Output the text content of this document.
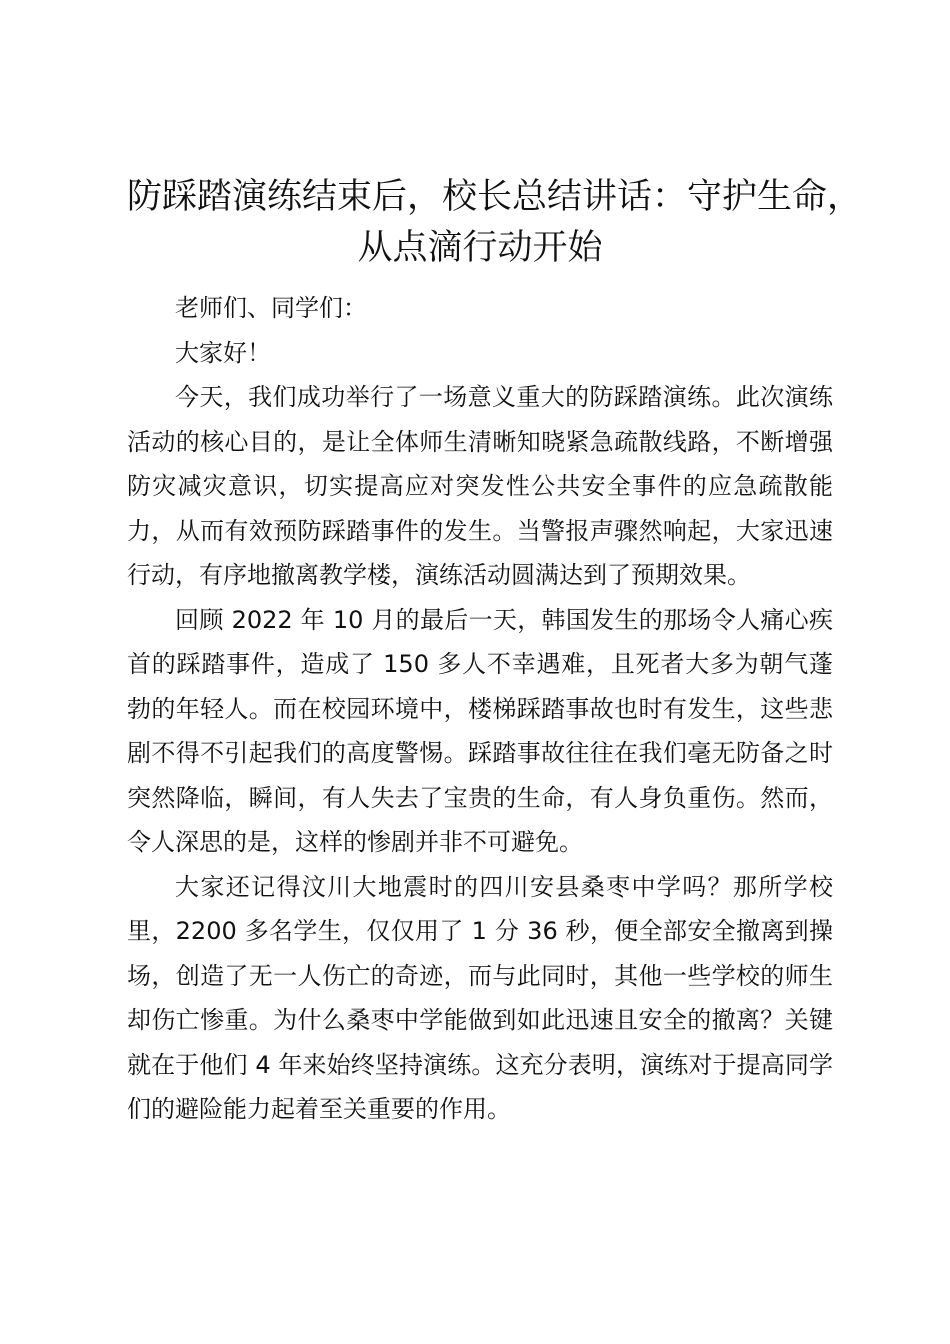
防踩踏演练结束后，校长总结讲话：守护生命，
从点滴行动开始

老师们、同学们：

大家好！

今天，我们成功举行了一场意义重大的防踩踏演练。此次演练活动的核心目的，是让全体师生清晰知晓紧急疏散线路，不断增强防灾减灾意识，切实提高应对突发性公共安全事件的应急疏散能力，从而有效预防踩踏事件的发生。当警报声骤然响起，大家迅速行动，有序地撤离教学楼，演练活动圆满达到了预期效果。

回顾 2022 年 10 月的最后一天，韩国发生的那场令人痛心疾首的踩踏事件，造成了 150 多人不幸遇难，且死者大多为朝气蓬勃的年轻人。而在校园环境中，楼梯踩踏事故也时有发生，这些悲剧不得不引起我们的高度警惕。踩踏事故往往在我们毫无防备之时突然降临，瞬间，有人失去了宝贵的生命，有人身负重伤。然而，令人深思的是，这样的惨剧并非不可避免。

大家还记得汶川大地震时的四川安县桑枣中学吗？那所学校里，2200 多名学生，仅仅用了 1 分 36 秒，便全部安全撤离到操场，创造了无一人伤亡的奇迹，而与此同时，其他一些学校的师生却伤亡惨重。为什么桑枣中学能做到如此迅速且安全的撤离？关键就在于他们 4 年来始终坚持演练。这充分表明，演练对于提高同学们的避险能力起着至关重要的作用。
